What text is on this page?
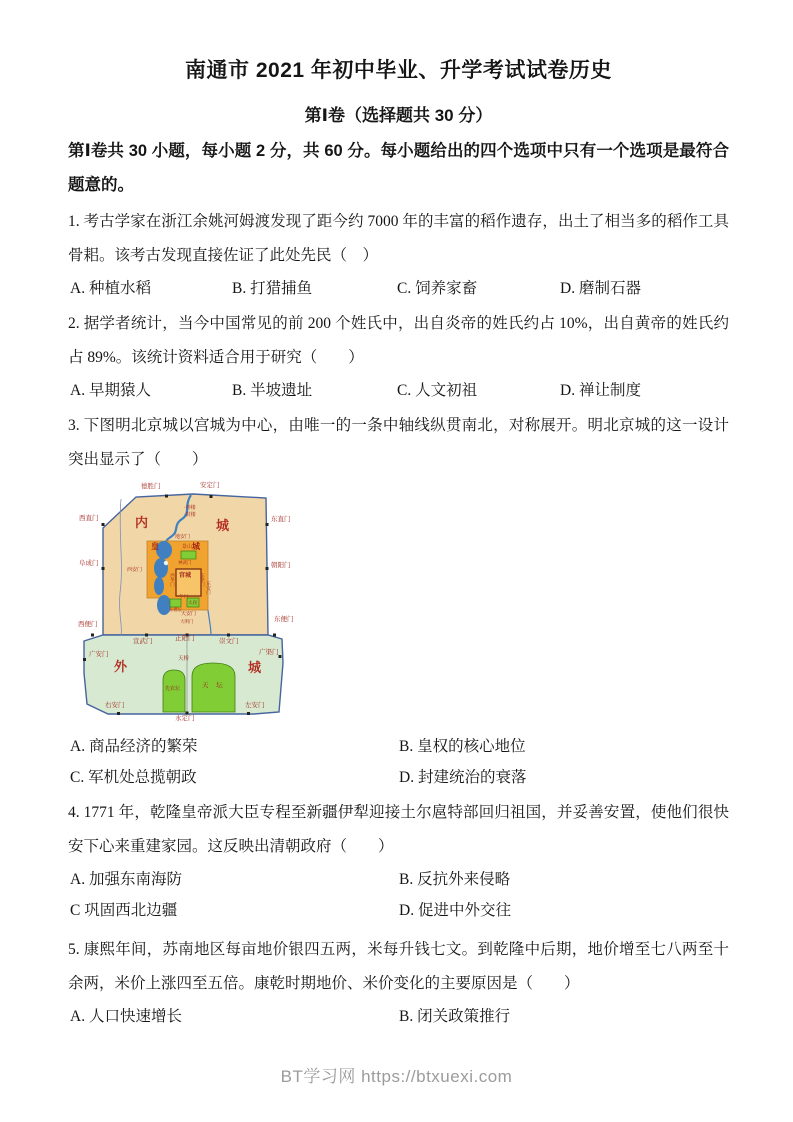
南通市 2021 年初中毕业、升学考试试卷历史
第Ⅰ卷（选择题共 30 分）

第Ⅰ卷共 30 小题，每小题 2 分，共 60 分。每小题给出的四个选项中只有一个选项是最符合题意的。

1. 考古学家在浙江余姚河姆渡发现了距今约 7000 年的丰富的稻作遗存，出土了相当多的稻作工具骨耜。该考古发现直接佐证了此处先民（　）

A. 种植水稻	B. 打猎捕鱼	C. 饲养家畜	D. 磨制石器

2. 据学者统计，当今中国常见的前 200 个姓氏中，出自炎帝的姓氏约占 10%，出自黄帝的姓氏约占 89%。该统计资料适合用于研究（　　）

A. 早期猿人	B. 半坡遗址	C. 人文初祖	D. 禅让制度

3. 下图明北京城以宫城为中心，由唯一的一条中轴线纵贯南北，对称展开。明北京城的这一设计突出显示了（　　）

内	城
外	城
皇	城
宫城
德胜门	安定门
西直门	东直门
阜成门	朝阳门
西便门
东便门
宣武门	正阳门	崇文门
广安门	广渠门
右安门
永定门
左安门
·钟楼
·鼓楼
地安门
景山
神武门
西安门
东安门
西华门	东华门
午门
社稷坛
太庙
天安门
大明门
天桥
先农坛	天 坛
A. 商品经济的繁荣	B. 皇权的核心地位
C. 军机处总揽朝政	D. 封建统治的衰落

4. 1771 年，乾隆皇帝派大臣专程至新疆伊犁迎接土尔扈特部回归祖国，并妥善安置，使他们很快安下心来重建家园。这反映出清朝政府（　　）

A. 加强东南海防	B. 反抗外来侵略
C 巩固西北边疆	D. 促进中外交往

5. 康熙年间，苏南地区每亩地价银四五两，米每升钱七文。到乾隆中后期，地价增至七八两至十余两，米价上涨四至五倍。康乾时期地价、米价变化的主要原因是（　　）

A. 人口快速增长	B. 闭关政策推行
BT学习网 https://btxuexi.com
